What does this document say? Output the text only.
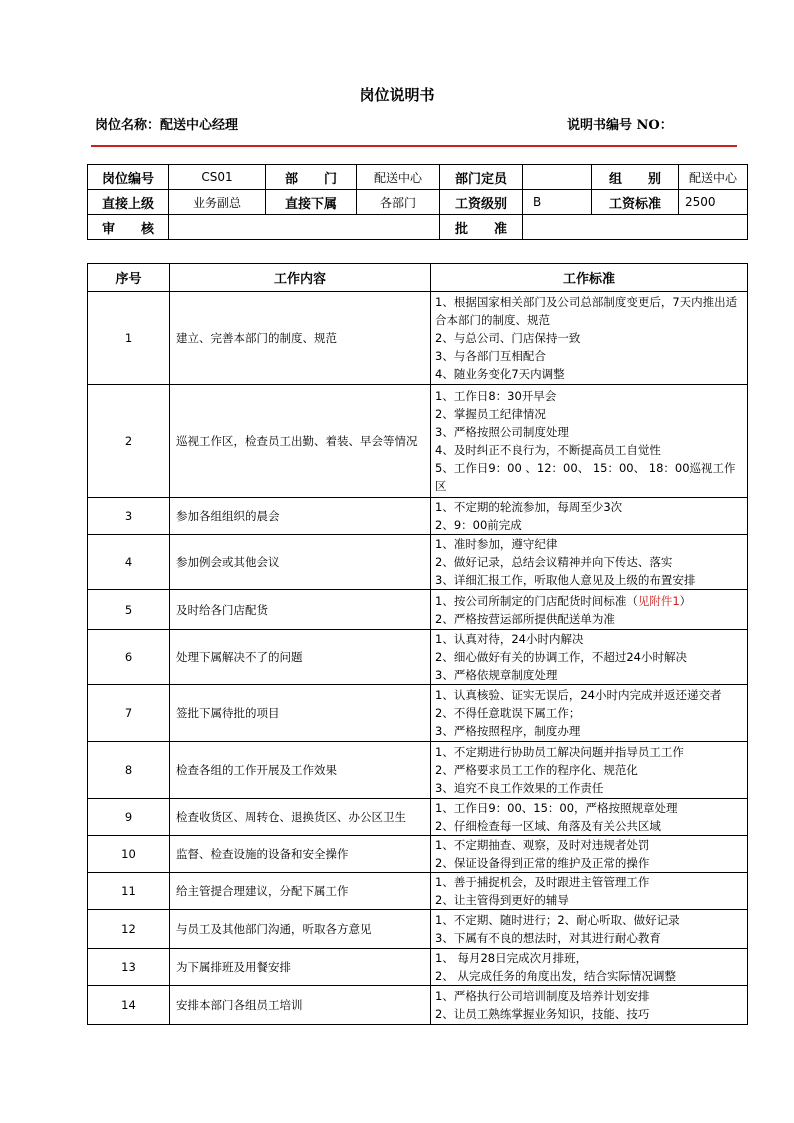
岗位说明书
岗位名称：配送中心经理	说明书编号 NO：
岗位编号	CS01	部　　门	配送中心	部门定员		组　　别	配送中心
直接上级	业务副总	直接下属	各部门	工资级别	B	工资标准	2500
审　　核				批　　准			
序号	工作内容	工作标准
1	建立、完善本部门的制度、规范	1、根据国家相关部门及公司总部制度变更后，7天内推出适合本部门的制度、规范
2、与总公司、门店保持一致
3、与各部门互相配合
4、随业务变化7天内调整

2	巡视工作区，检查员工出勤、着装、早会等情况	1、工作日8：30开早会
2、掌握员工纪律情况
3、严格按照公司制度处理
4、及时纠正不良行为，不断提高员工自觉性
5、工作日9：00 、12：00、 15：00、 18：00巡视工作区

3	参加各组组织的晨会	1、不定期的轮流参加，每周至少3次
2、9：00前完成

4	参加例会或其他会议	1、准时参加，遵守纪律
2、做好记录，总结会议精神并向下传达、落实
3、详细汇报工作，听取他人意见及上级的布置安排

5	及时给各门店配货	1、按公司所制定的门店配货时间标准（见附件1）
2、严格按营运部所提供配送单为准

6	处理下属解决不了的问题	1、认真对待，24小时内解决
2、细心做好有关的协调工作，不超过24小时解决
3、严格依规章制度处理

7	签批下属待批的项目	1、认真核验、证实无误后，24小时内完成并返还递交者
2、不得任意耽误下属工作；
3、严格按照程序，制度办理

8	检查各组的工作开展及工作效果	1、不定期进行协助员工解决问题并指导员工工作
2、严格要求员工工作的程序化、规范化
3、追究不良工作效果的工作责任

9	检查收货区、周转仓、退换货区、办公区卫生	1、工作日9：00、15：00，严格按照规章处理
2、仔细检查每一区域、角落及有关公共区域

10	监督、检查设施的设备和安全操作	1、不定期抽查、观察，及时对违规者处罚
2、保证设备得到正常的维护及正常的操作

11	给主管提合理建议，分配下属工作	1、善于捕捉机会，及时跟进主管管理工作
2、让主管得到更好的辅导

12	与员工及其他部门沟通，听取各方意见	1、不定期、随时进行；2、耐心听取、做好记录
3、下属有不良的想法时，对其进行耐心教育

13	为下属排班及用餐安排	1、 每月28日完成次月排班，
2、 从完成任务的角度出发，结合实际情况调整

14	安排本部门各组员工培训	1、严格执行公司培训制度及培养计划安排
2、让员工熟练掌握业务知识，技能、技巧
